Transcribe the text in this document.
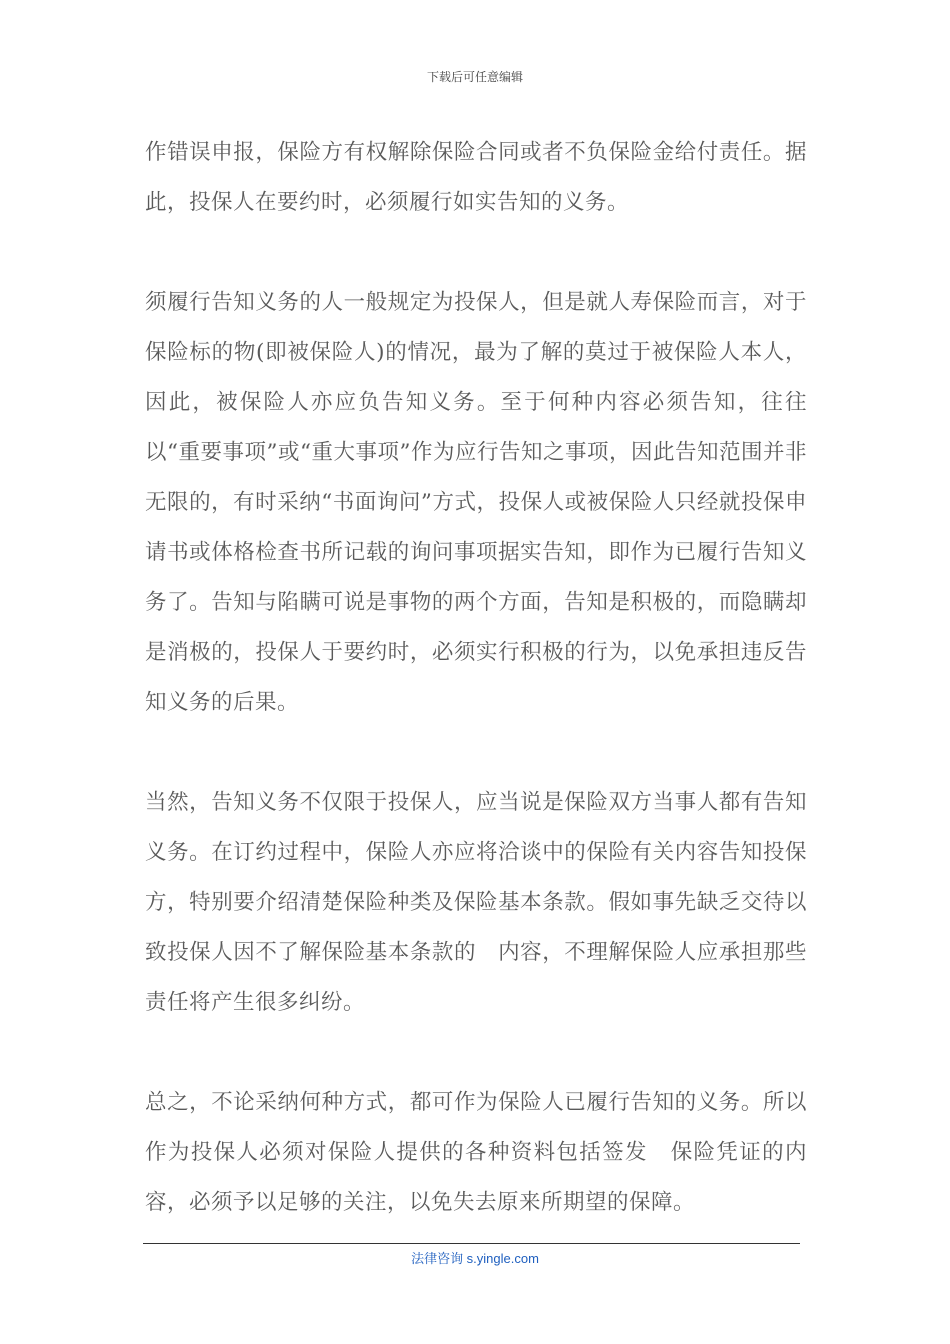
下载后可任意编辑

作错误申报，保险方有权解除保险合同或者不负保险金给付责任。据此，投保人在要约时，必须履行如实告知的义务。

须履行告知义务的人一般规定为投保人，但是就人寿保险而言，对于保险标的物(即被保险人)的情况，最为了解的莫过于被保险人本人，因此，被保险人亦应负告知义务。至于何种内容必须告知，往往以“重要事项”或“重大事项”作为应行告知之事项，因此告知范围并非无限的，有时采纳“书面询问”方式，投保人或被保险人只经就投保申请书或体格检查书所记载的询问事项据实告知，即作为已履行告知义务了。告知与陷瞒可说是事物的两个方面，告知是积极的，而隐瞒却是消极的，投保人于要约时，必须实行积极的行为，以免承担违反告知义务的后果。

当然，告知义务不仅限于投保人，应当说是保险双方当事人都有告知义务。在订约过程中，保险人亦应将洽谈中的保险有关内容告知投保方，特别要介绍清楚保险种类及保险基本条款。假如事先缺乏交待以致投保人因不了解保险基本条款的　内容，不理解保险人应承担那些责任将产生很多纠纷。

总之，不论采纳何种方式，都可作为保险人已履行告知的义务。所以作为投保人必须对保险人提供的各种资料包括签发　保险凭证的内容，必须予以足够的关注，以免失去原来所期望的保障。

法律咨询 s.yingle.com
